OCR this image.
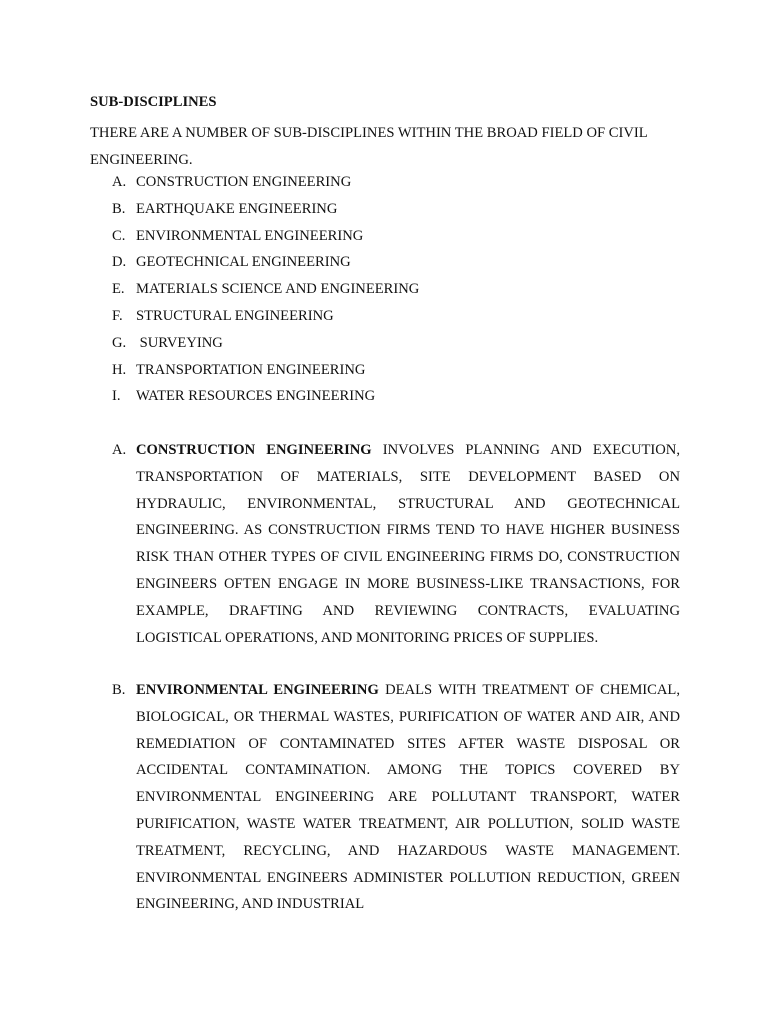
SUB-DISCIPLINES
THERE ARE A NUMBER OF SUB-DISCIPLINES WITHIN THE BROAD FIELD OF CIVIL ENGINEERING.
A. CONSTRUCTION ENGINEERING
B. EARTHQUAKE ENGINEERING
C. ENVIRONMENTAL ENGINEERING
D. GEOTECHNICAL ENGINEERING
E. MATERIALS SCIENCE AND ENGINEERING
F. STRUCTURAL ENGINEERING
G. SURVEYING
H. TRANSPORTATION ENGINEERING
I.	WATER RESOURCES ENGINEERING
A. CONSTRUCTION ENGINEERING INVOLVES PLANNING AND EXECUTION, TRANSPORTATION OF MATERIALS, SITE DEVELOPMENT BASED ON HYDRAULIC, ENVIRONMENTAL, STRUCTURAL AND GEOTECHNICAL ENGINEERING. AS CONSTRUCTION FIRMS TEND TO HAVE HIGHER BUSINESS RISK THAN OTHER TYPES OF CIVIL ENGINEERING FIRMS DO, CONSTRUCTION ENGINEERS OFTEN ENGAGE IN MORE BUSINESS-LIKE TRANSACTIONS, FOR EXAMPLE, DRAFTING AND REVIEWING CONTRACTS, EVALUATING LOGISTICAL OPERATIONS, AND MONITORING PRICES OF SUPPLIES.
B. ENVIRONMENTAL ENGINEERING DEALS WITH TREATMENT OF CHEMICAL, BIOLOGICAL, OR THERMAL WASTES, PURIFICATION OF WATER AND AIR, AND REMEDIATION OF CONTAMINATED SITES AFTER WASTE DISPOSAL OR ACCIDENTAL CONTAMINATION. AMONG THE TOPICS COVERED BY ENVIRONMENTAL ENGINEERING ARE POLLUTANT TRANSPORT, WATER PURIFICATION, WASTE WATER TREATMENT, AIR POLLUTION, SOLID WASTE TREATMENT, RECYCLING, AND HAZARDOUS WASTE MANAGEMENT. ENVIRONMENTAL ENGINEERS ADMINISTER POLLUTION REDUCTION, GREEN ENGINEERING, AND INDUSTRIAL
